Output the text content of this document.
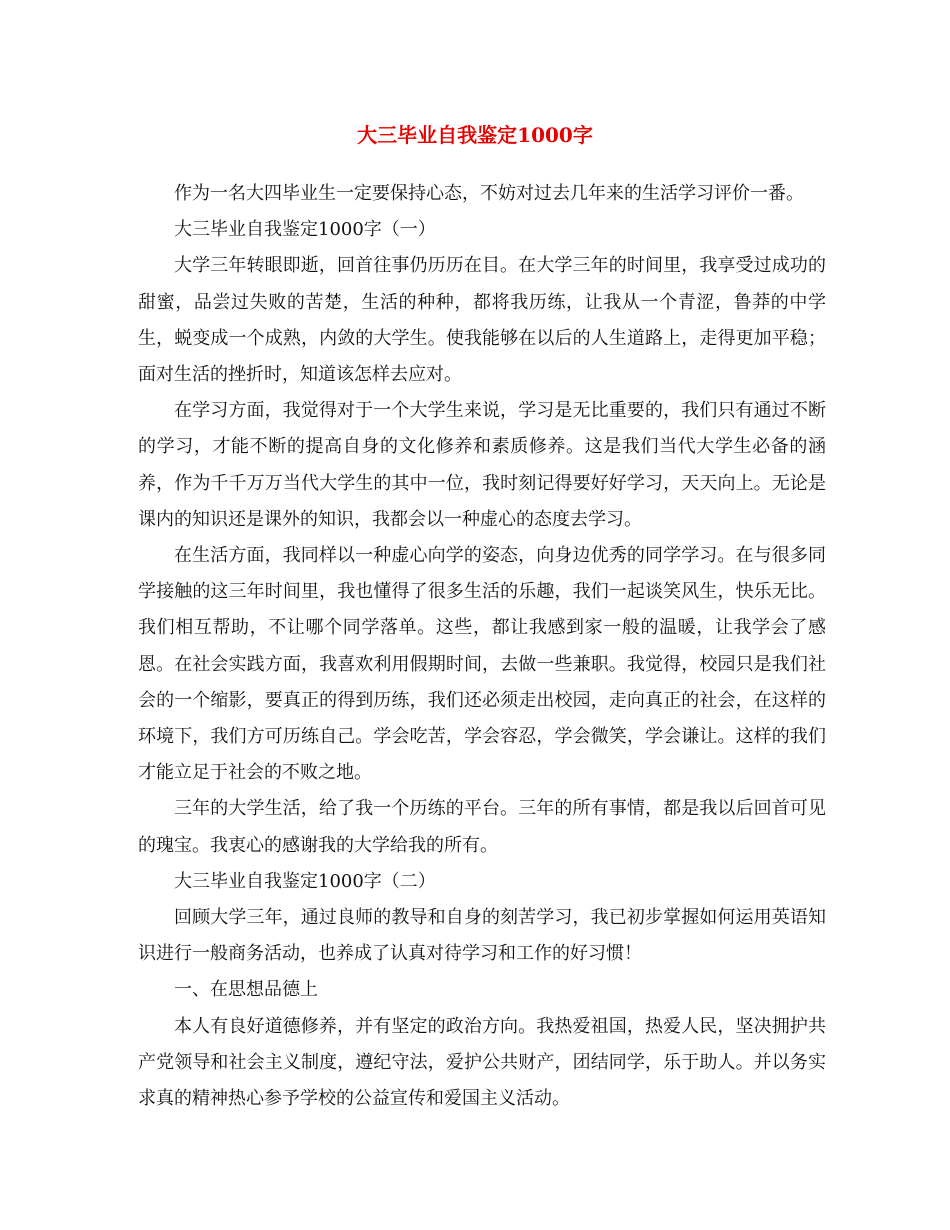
大三毕业自我鉴定1000字

作为一名大四毕业生一定要保持心态，不妨对过去几年来的生活学习评价一番。

大三毕业自我鉴定1000字（一）

大学三年转眼即逝，回首往事仍历历在目。在大学三年的时间里，我享受过成功的甜蜜，品尝过失败的苦楚，生活的种种，都将我历练，让我从一个青涩，鲁莽的中学生，蜕变成一个成熟，内敛的大学生。使我能够在以后的人生道路上，走得更加平稳；面对生活的挫折时，知道该怎样去应对。

在学习方面，我觉得对于一个大学生来说，学习是无比重要的，我们只有通过不断的学习，才能不断的提高自身的文化修养和素质修养。这是我们当代大学生必备的涵养，作为千千万万当代大学生的其中一位，我时刻记得要好好学习，天天向上。无论是课内的知识还是课外的知识，我都会以一种虚心的态度去学习。

在生活方面，我同样以一种虚心向学的姿态，向身边优秀的同学学习。在与很多同学接触的这三年时间里，我也懂得了很多生活的乐趣，我们一起谈笑风生，快乐无比。我们相互帮助，不让哪个同学落单。这些，都让我感到家一般的温暖，让我学会了感恩。在社会实践方面，我喜欢利用假期时间，去做一些兼职。我觉得，校园只是我们社会的一个缩影，要真正的得到历练，我们还必须走出校园，走向真正的社会，在这样的环境下，我们方可历练自己。学会吃苦，学会容忍，学会微笑，学会谦让。这样的我们才能立足于社会的不败之地。

三年的大学生活，给了我一个历练的平台。三年的所有事情，都是我以后回首可见的瑰宝。我衷心的感谢我的大学给我的所有。

大三毕业自我鉴定1000字（二）

回顾大学三年，通过良师的教导和自身的刻苦学习，我已初步掌握如何运用英语知识进行一般商务活动，也养成了认真对待学习和工作的好习惯！

一、在思想品德上

本人有良好道德修养，并有坚定的政治方向。我热爱祖国，热爱人民，坚决拥护共产党领导和社会主义制度，遵纪守法，爱护公共财产，团结同学，乐于助人。并以务实求真的精神热心参予学校的公益宣传和爱国主义活动。
